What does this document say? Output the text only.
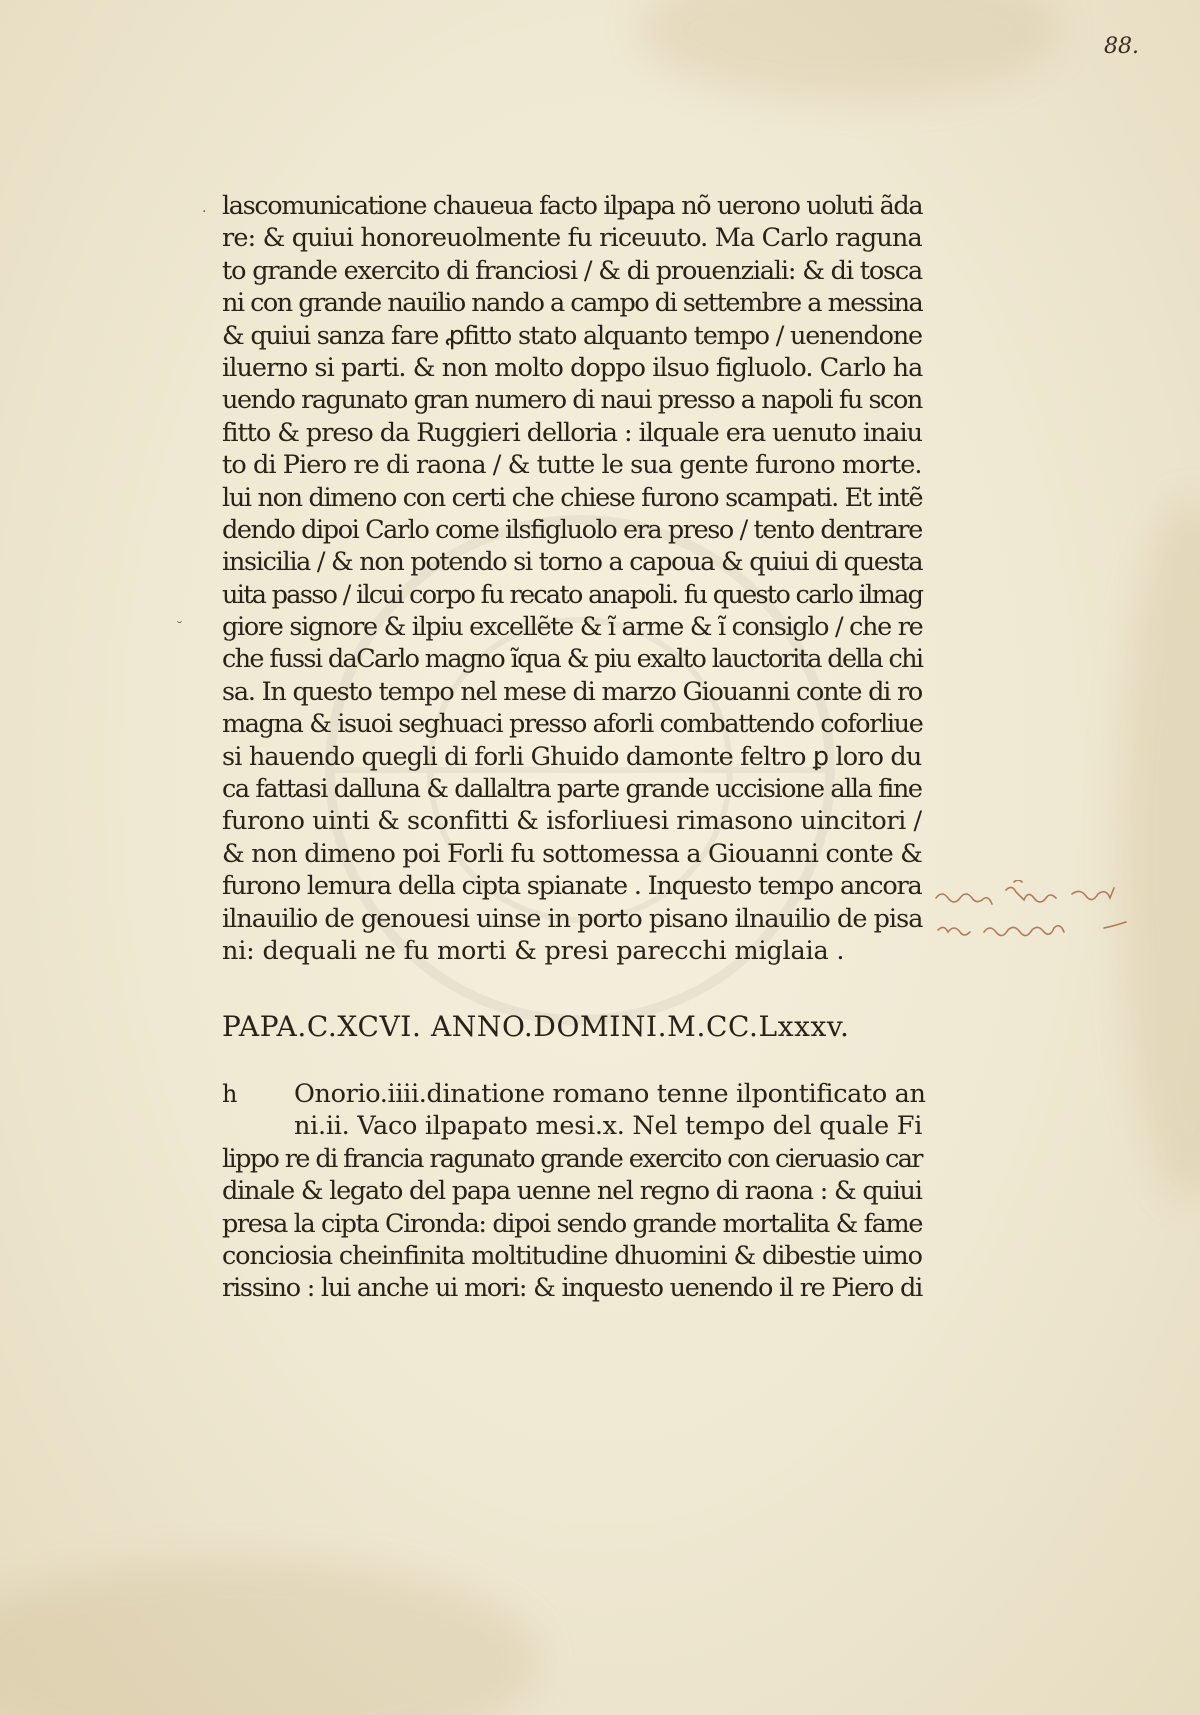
88.
·
˘
lascomunicatione chaueua facto ilpapa nõ uerono uoluti ãda
re: & quiui honoreuolmente fu riceuuto. Ma Carlo raguna
to grande exercito di franciosi / & di prouenziali: & di tosca
ni con grande nauilio nando a campo di settembre a messina
& quiui sanza fare ꝓfitto stato alquanto tempo / uenendone
iluerno si parti. & non molto doppo ilsuo figluolo. Carlo ha
uendo ragunato gran numero di naui presso a napoli fu scon
fitto & preso da Ruggieri delloria : ilquale era uenuto inaiu
to di Piero re di raona / & tutte le sua gente furono morte.
lui non dimeno con certi che chiese furono scampati. Et intẽ
dendo dipoi Carlo come ilsfigluolo era preso / tento dentrare
insicilia / & non potendo si torno a capoua & quiui di questa
uita passo / ilcui corpo fu recato anapoli. fu questo carlo ilmag
giore signore & ilpiu excellẽte & ĩ arme & ĩ consiglo / che re
che fussi daCarlo magno ĩqua & piu exalto lauctorita della chi
sa. In questo tempo nel mese di marzo Giouanni conte di ro
magna & isuoi seghuaci presso aforli combattendo coforliue
si hauendo quegli di forli Ghuido damonte feltro ꝑ loro du
ca fattasi dalluna & dallaltra parte grande uccisione alla fine
furono uinti & sconfitti & isforliuesi rimasono uincitori /
& non dimeno poi Forli fu sottomessa a Giouanni conte &
furono lemura della cipta spianate . Inquesto tempo ancora
ilnauilio de genouesi uinse in porto pisano ilnauilio de pisa
ni: dequali ne fu morti & presi parecchi miglaia .
PAPA.C.XCVI. ANNO.DOMINI.M.CC.Lxxxv.
h Onorio.iiii.dinatione romano tenne ilpontificato an
ni.ii. Vaco ilpapato mesi.x. Nel tempo del quale Fi
lippo re di francia ragunato grande exercito con cieruasio car
dinale & legato del papa uenne nel regno di raona : & quiui
presa la cipta Cironda: dipoi sendo grande mortalita & fame
conciosia cheinfinita moltitudine dhuomini & dibestie uimo
rissino : lui anche ui mori: & inquesto uenendo il re Piero di
